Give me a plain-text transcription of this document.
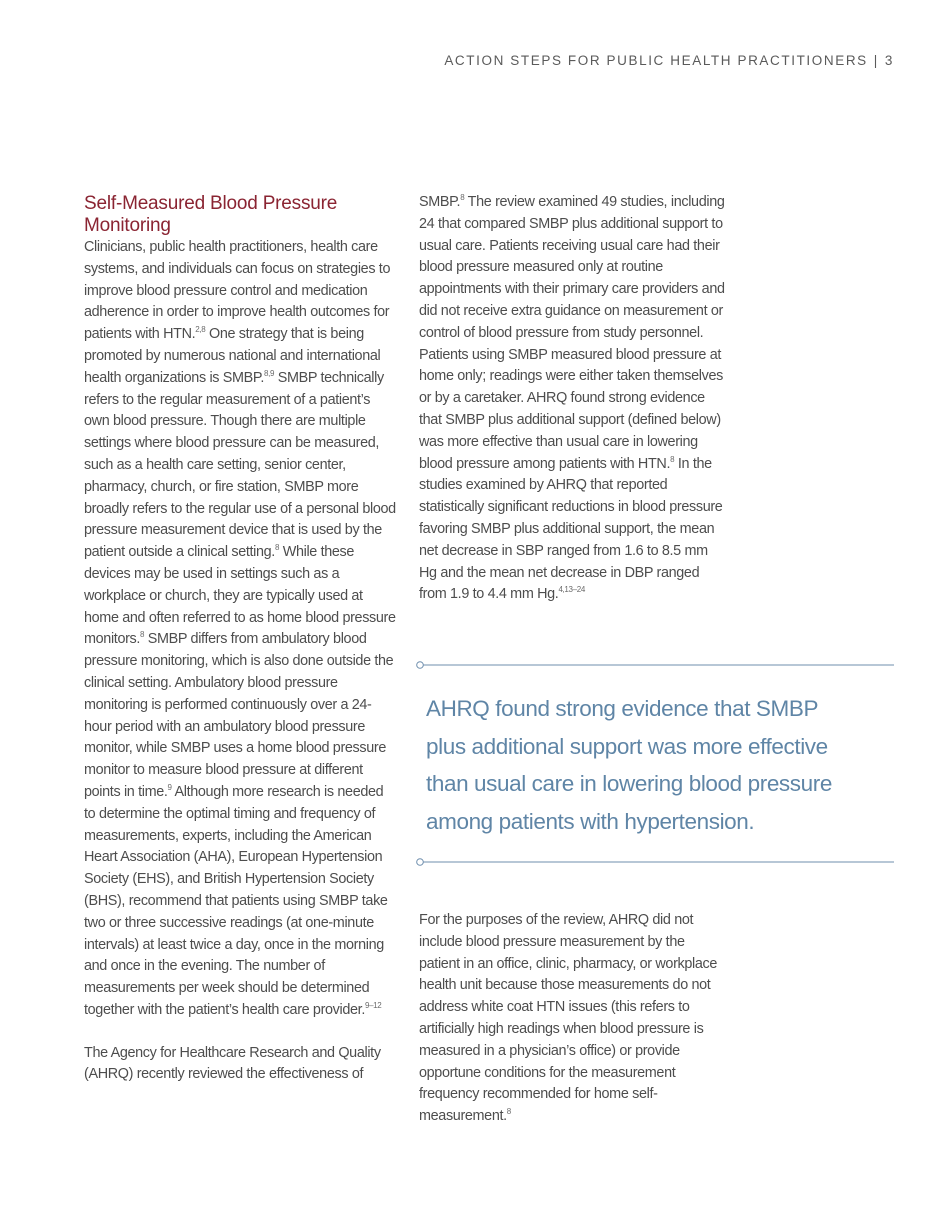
ACTION STEPS FOR PUBLIC HEALTH PRACTITIONERS | 3
Self-Measured Blood Pressure Monitoring

Clinicians, public health practitioners, health care systems, and individuals can focus on strategies to improve blood pressure control and medication adherence in order to improve health outcomes for patients with HTN.$^{2,8}$ One strategy that is being promoted by numerous national and international health organizations is SMBP.$^{8,9}$ SMBP technically refers to the regular measurement of a patient’s own blood pressure. Though there are multiple settings where blood pressure can be measured, such as a health care setting, senior center, pharmacy, church, or fire station, SMBP more broadly refers to the regular use of a personal blood pressure measurement device that is used by the patient outside a clinical setting.$^8$ While these devices may be used in settings such as a workplace or church, they are typically used at home and often referred to as home blood pressure monitors.$^8$ SMBP differs from ambulatory blood pressure monitoring, which is also done outside the clinical setting. Ambulatory blood pressure monitoring is performed continuously over a 24-hour period with an ambulatory blood pressure monitor, while SMBP uses a home blood pressure monitor to measure blood pressure at different points in time.$^9$ Although more research is needed to determine the optimal timing and frequency of measurements, experts, including the American Heart Association (AHA), European Hypertension Society (EHS), and British Hypertension Society (BHS), recommend that patients using SMBP take two or three successive readings (at one-minute intervals) at least twice a day, once in the morning and once in the evening. The number of measurements per week should be determined together with the patient’s health care provider.$^{9-12}$

The Agency for Healthcare Research and Quality (AHRQ) recently reviewed the effectiveness of

SMBP.$^8$ The review examined 49 studies, including 24 that compared SMBP plus additional support to usual care. Patients receiving usual care had their blood pressure measured only at routine appointments with their primary care providers and did not receive extra guidance on measurement or control of blood pressure from study personnel. Patients using SMBP measured blood pressure at home only; readings were either taken themselves or by a caretaker. AHRQ found strong evidence that SMBP plus additional support (defined below) was more effective than usual care in lowering blood pressure among patients with HTN.$^8$ In the studies examined by AHRQ that reported statistically significant reductions in blood pressure favoring SMBP plus additional support, the mean net decrease in SBP ranged from 1.6 to 8.5 mm Hg and the mean net decrease in DBP ranged from 1.9 to 4.4 mm Hg.$^{4,13-24}$

For the purposes of the review, AHRQ did not include blood pressure measurement by the patient in an office, clinic, pharmacy, or workplace health unit because those measurements do not address white coat HTN issues (this refers to artificially high readings when blood pressure is measured in a physician’s office) or provide opportune conditions for the measurement frequency recommended for home self-measurement.$^8$

AHRQ found strong evidence that SMBP plus additional support was more effective than usual care in lowering blood pressure among patients with hypertension.
